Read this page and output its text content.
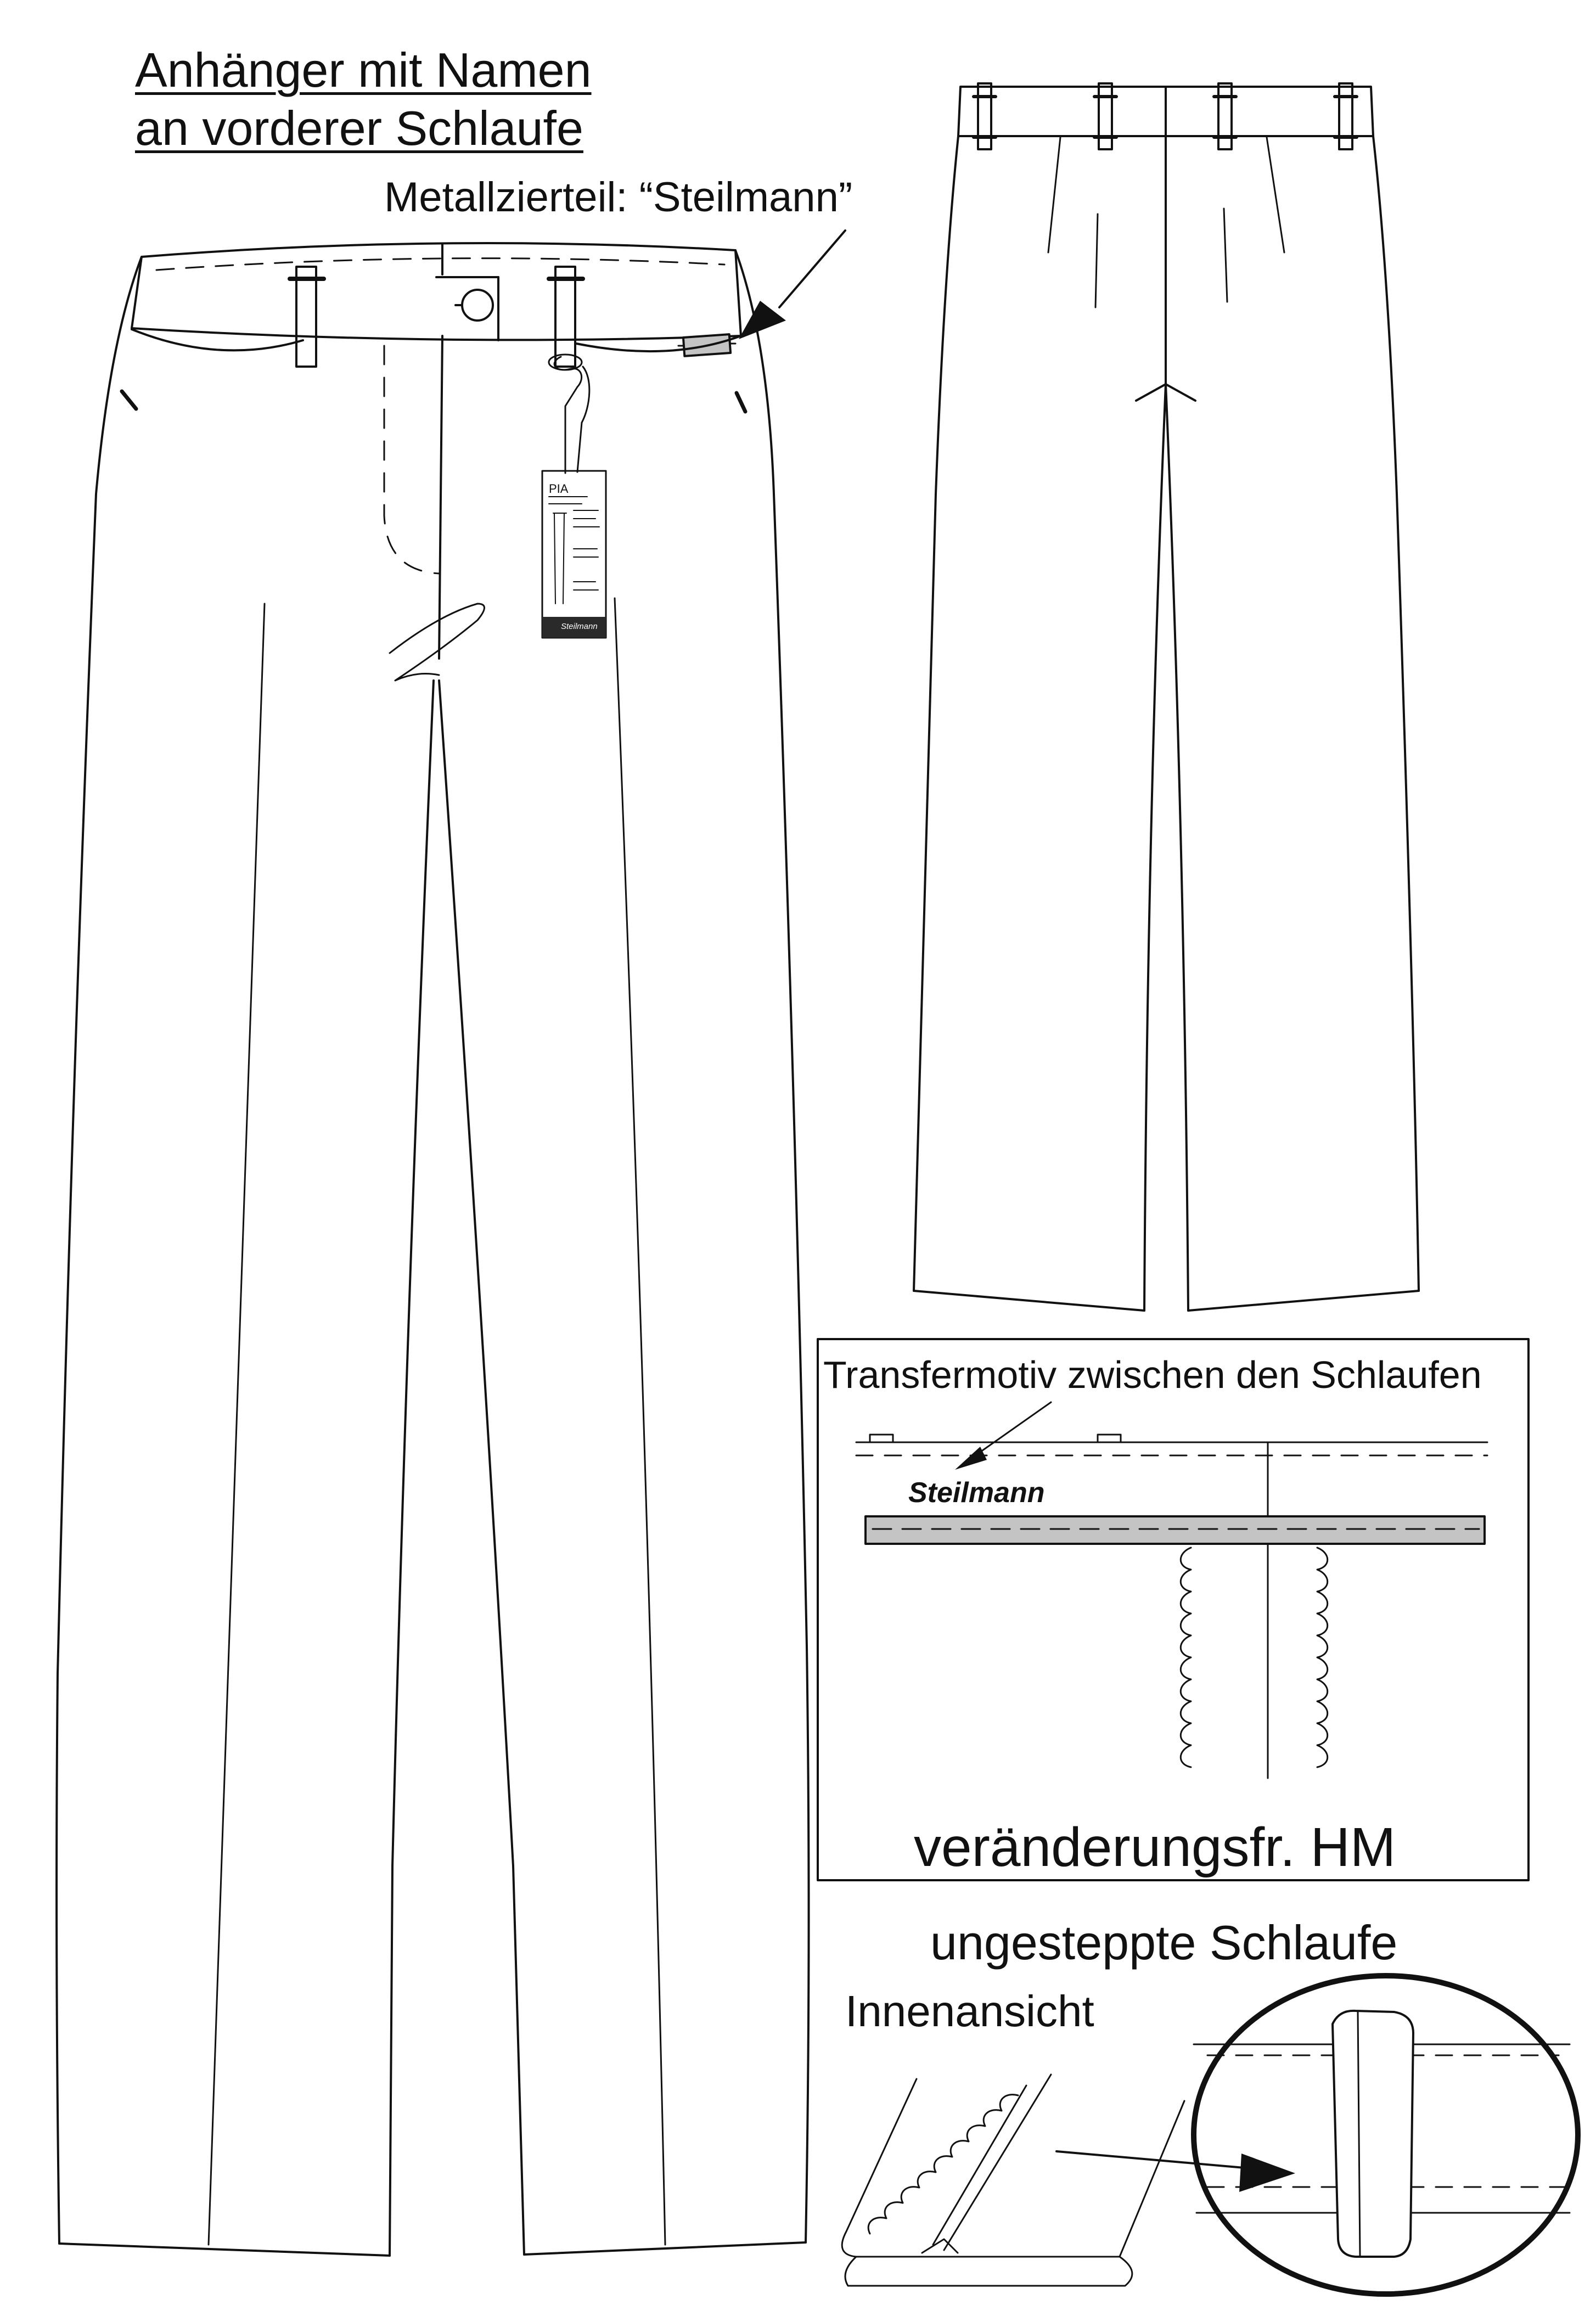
Anhänger mit Namen
an vorderer Schlaufe
Metallzierteil: “Steilmann”
PIA
Steilmann
Transfermotiv zwischen den Schlaufen
Steilmann
veränderungsfr. HM
ungesteppte Schlaufe
Innenansicht
